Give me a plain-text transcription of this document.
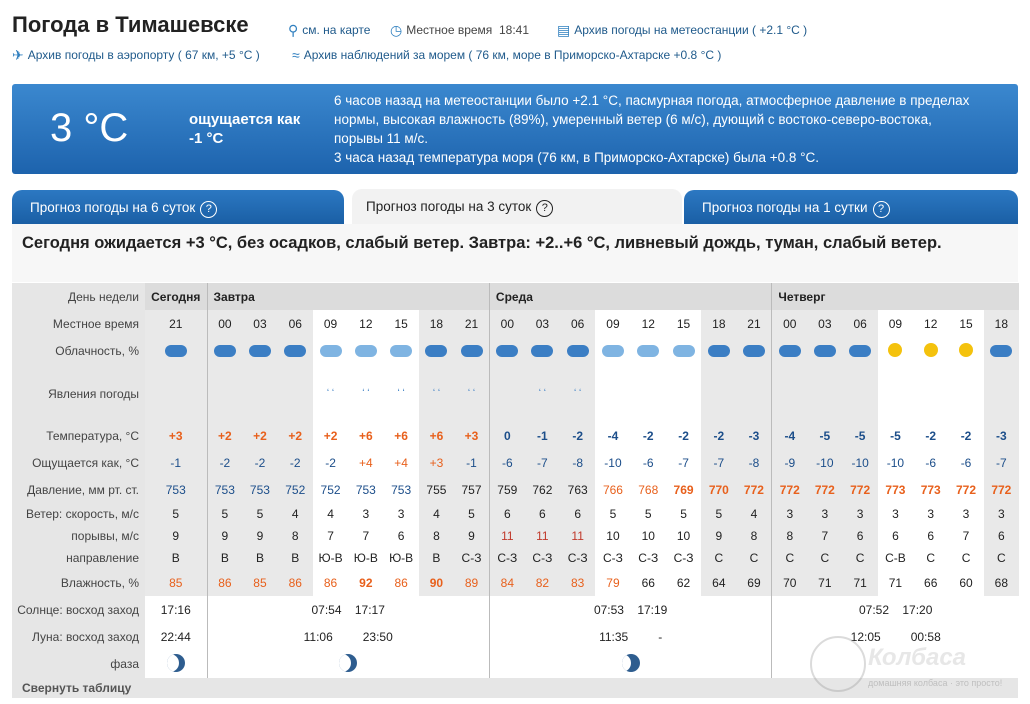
Погода в Тимашевске	⚲ см. на карте ◷ Местное время 18:41 ▤ Архив погоды на метеостанции ( +2.1 °C )
✈ Архив погоды в аэропорту ( 67 км, +5 °C ) ≈ Архив наблюдений за морем ( 76 км, море в Приморско-Ахтарске +0.8 °C )
3 °C	ощущается как -1 °C
6 часов назад на метеостанции было +2.1 °C, пасмурная погода, атмосферное давление в пределах нормы, высокая влажность (89%), умеренный ветер (6 м/с), дующий с востоко-северо-востока, порывы 11 м/с.
3 часа назад температура моря (76 км, в Приморско-Ахтарске) была +0.8 °C.
Прогноз погоды на 6 суток ?	Прогноз погоды на 3 суток ?	Прогноз погоды на 1 сутки ?
Сегодня ожидается +3 °C, без осадков, слабый ветер. Завтра: +2..+6 °C, ливневый дождь, туман, слабый ветер.
День недели	Сегодня	Завтра								Среда								Четверг						
Местное время	21	00	03	06	09	12	15	18	21	00	03	06	09	12	15	18	21	00	03	06	09	12	15	18
Облачность, %																								
Явления погоды					ʻ ʻ	ʻ ʻ	ʻ ʻ	ʻ ʻ	ʻ ʻ		ʻ ʻ	ʻ ʻ												
Температура, °C	+3	+2	+2	+2	+2	+6	+6	+6	+3	0	-1	-2	-4	-2	-2	-2	-3	-4	-5	-5	-5	-2	-2	-3
Ощущается как, °C	-1	-2	-2	-2	-2	+4	+4	+3	-1	-6	-7	-8	-10	-6	-7	-7	-8	-9	-10	-10	-10	-6	-6	-7
Давление, мм рт. ст.	753	753	753	752	752	753	753	755	757	759	762	763	766	768	769	770	772	772	772	772	773	773	772	772
Ветер: скорость, м/с	5	5	5	4	4	3	3	4	5	6	6	6	5	5	5	5	4	3	3	3	3	3	3	3
порывы, м/с	9	9	9	8	7	7	6	8	9	11	11	11	10	10	10	9	8	8	7	6	6	6	7	6
направление	В	В	В	В	Ю-В	Ю-В	Ю-В	В	С-З	С-З	С-З	С-З	С-З	С-З	С-З	С	С	С	С	С	С-В	С	С	С
Влажность, %	85	86	85	86	86	92	86	90	89	84	82	83	79	66	62	64	69	70	71	71	71	66	60	68
Солнце: восход заход	17:16	07:54    17:17								07:53    17:19								07:52    17:20						
Луна: восход заход	22:44	11:06         23:50								11:35         -								12:05         00:58						
фаза																								
Свернуть таблицу
Колбаса
домашняя колбаса · это просто!
